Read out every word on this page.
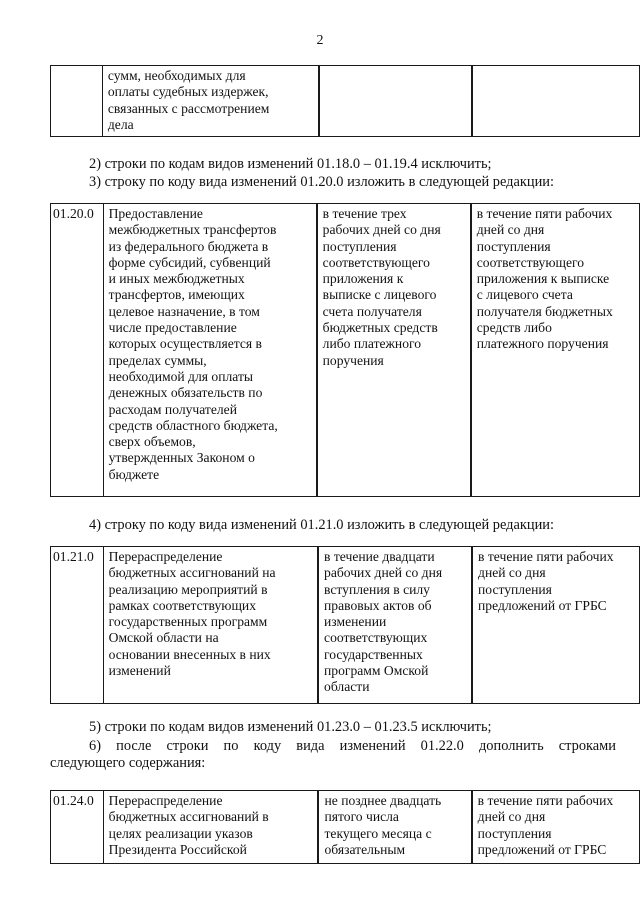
2
	сумм, необходимых для
оплаты судебных издержек,
связанных с рассмотрением
дела		
2) строки по кодам видов изменений 01.18.0 – 01.19.4 исключить;
3) строку по коду вида изменений 01.20.0 изложить в следующей редакции:
01.20.0	Предоставление
межбюджетных трансфертов
из федерального бюджета в
форме субсидий, субвенций
и иных межбюджетных
трансфертов, имеющих
целевое назначение, в том
числе предоставление
которых осуществляется в
пределах суммы,
необходимой для оплаты
денежных обязательств по
расходам получателей
средств областного бюджета,
сверх объемов,
утвержденных Законом о
бюджете	в течение трех
рабочих дней со дня
поступления
соответствующего
приложения к
выписке с лицевого
счета получателя
бюджетных средств
либо платежного
поручения	в течение пяти рабочих
дней со дня
поступления
соответствующего
приложения к выписке
с лицевого счета
получателя бюджетных
средств либо
платежного поручения
4) строку по коду вида изменений 01.21.0 изложить в следующей редакции:
01.21.0	Перераспределение
бюджетных ассигнований на
реализацию мероприятий в
рамках соответствующих
государственных программ
Омской области на
основании внесенных в них
изменений	в течение двадцати
рабочих дней со дня
вступления в силу
правовых актов об
изменении
соответствующих
государственных
программ Омской
области	в течение пяти рабочих
дней со дня
поступления
предложений от ГРБС
5) строки по кодам видов изменений 01.23.0 – 01.23.5 исключить;
6) после строки по коду вида изменений 01.22.0 дополнить строками
следующего содержания:
01.24.0	Перераспределение
бюджетных ассигнований в
целях реализации указов
Президента Российской	не позднее двадцать
пятого числа
текущего месяца с
обязательным	в течение пяти рабочих
дней со дня
поступления
предложений от ГРБС
